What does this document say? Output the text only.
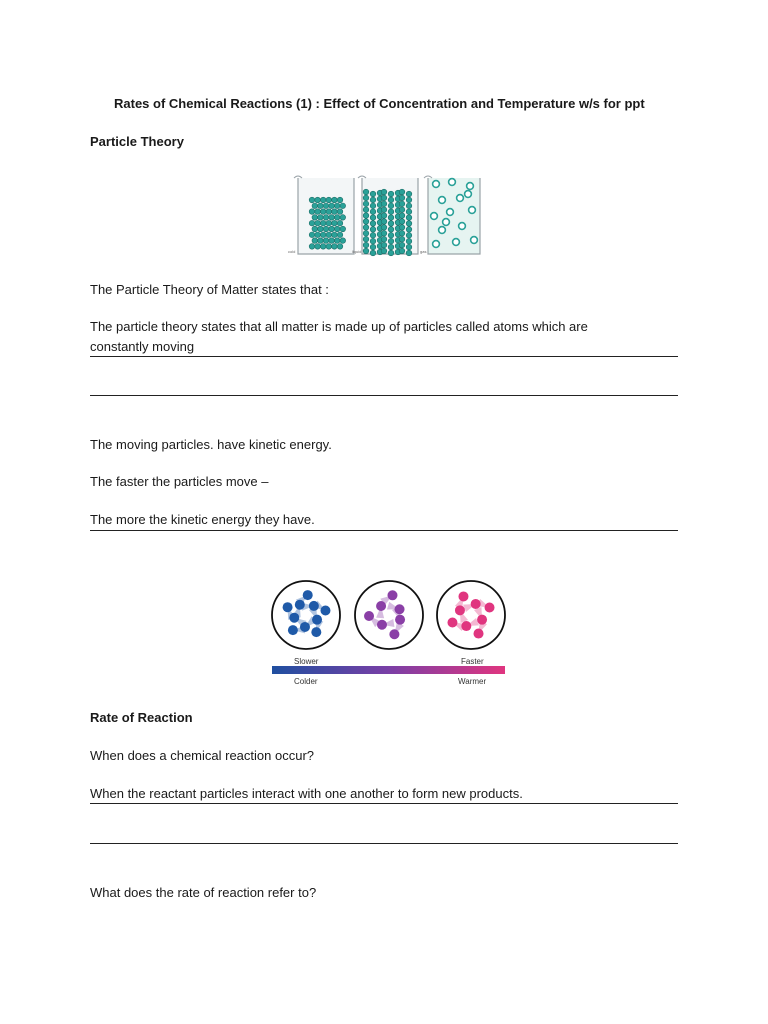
Rates of Chemical Reactions (1) : Effect of Concentration and Temperature w/s for ppt
Particle Theory
cold	liquid	gas
The Particle Theory of Matter states that :
The particle theory states that all matter is made up of particles called atoms which are
constantly moving
The moving particles. have kinetic energy.
The faster the particles move –
The more the kinetic energy they have.
Slower	Faster
Colder	Warmer
Rate of Reaction
When does a chemical reaction occur?
When the reactant particles interact with one another to form new products.
What does the rate of reaction refer to?
